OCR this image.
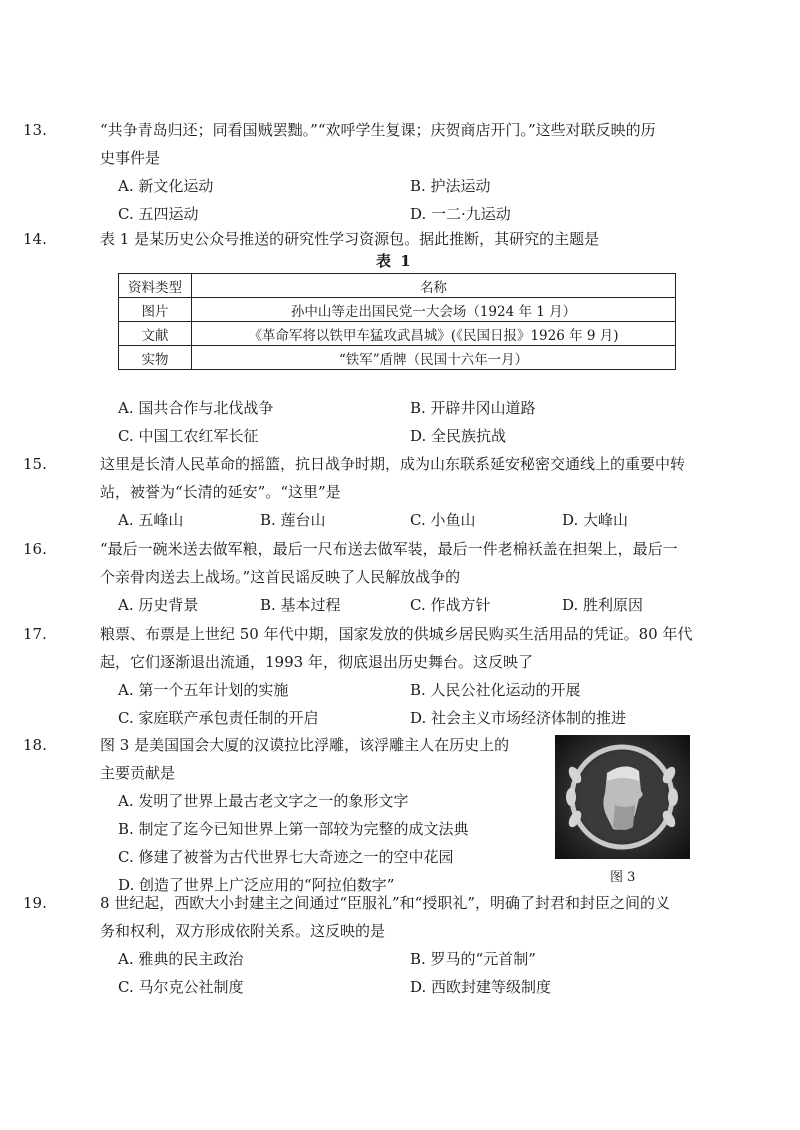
13.	“共争青岛归还；同看国贼罢黜。”“欢呼学生复课；庆贺商店开门。”这些对联反映的历
史事件是
A. 新文化运动	B. 护法运动
C. 五四运动	D. 一二·九运动
14.	表 1 是某历史公众号推送的研究性学习资源包。据此推断，其研究的主题是
表 1
资料类型	名称
图片	孙中山等走出国民党一大会场（1924 年 1 月）
文献	《革命军将以铁甲车猛攻武昌城》(《民国日报》1926 年 9 月)
实物	“铁军”盾牌（民国十六年一月）
A. 国共合作与北伐战争	B. 开辟井冈山道路
C. 中国工农红军长征	D. 全民族抗战
15.	这里是长清人民革命的摇篮，抗日战争时期，成为山东联系延安秘密交通线上的重要中转
站，被誉为“长清的延安”。“这里”是
A. 五峰山	B. 莲台山	C. 小鱼山	D. 大峰山
16.	“最后一碗米送去做军粮，最后一尺布送去做军装，最后一件老棉袄盖在担架上，最后一
个亲骨肉送去上战场。”这首民谣反映了人民解放战争的
A. 历史背景	B. 基本过程	C. 作战方针	D. 胜利原因
17.	粮票、布票是上世纪 50 年代中期，国家发放的供城乡居民购买生活用品的凭证。80 年代
起，它们逐渐退出流通，1993 年，彻底退出历史舞台。这反映了
A. 第一个五年计划的实施	B. 人民公社化运动的开展
C. 家庭联产承包责任制的开启	D. 社会主义市场经济体制的推进
18.	图 3 是美国国会大厦的汉谟拉比浮雕，该浮雕主人在历史上的
主要贡献是
A. 发明了世界上最古老文字之一的象形文字
B. 制定了迄今已知世界上第一部较为完整的成文法典
C. 修建了被誉为古代世界七大奇迹之一的空中花园
D. 创造了世界上广泛应用的“阿拉伯数字”	图 3
19.	8 世纪起，西欧大小封建主之间通过“臣服礼”和“授职礼”，明确了封君和封臣之间的义
务和权利，双方形成依附关系。这反映的是
A. 雅典的民主政治	B. 罗马的“元首制”
C. 马尔克公社制度	D. 西欧封建等级制度
